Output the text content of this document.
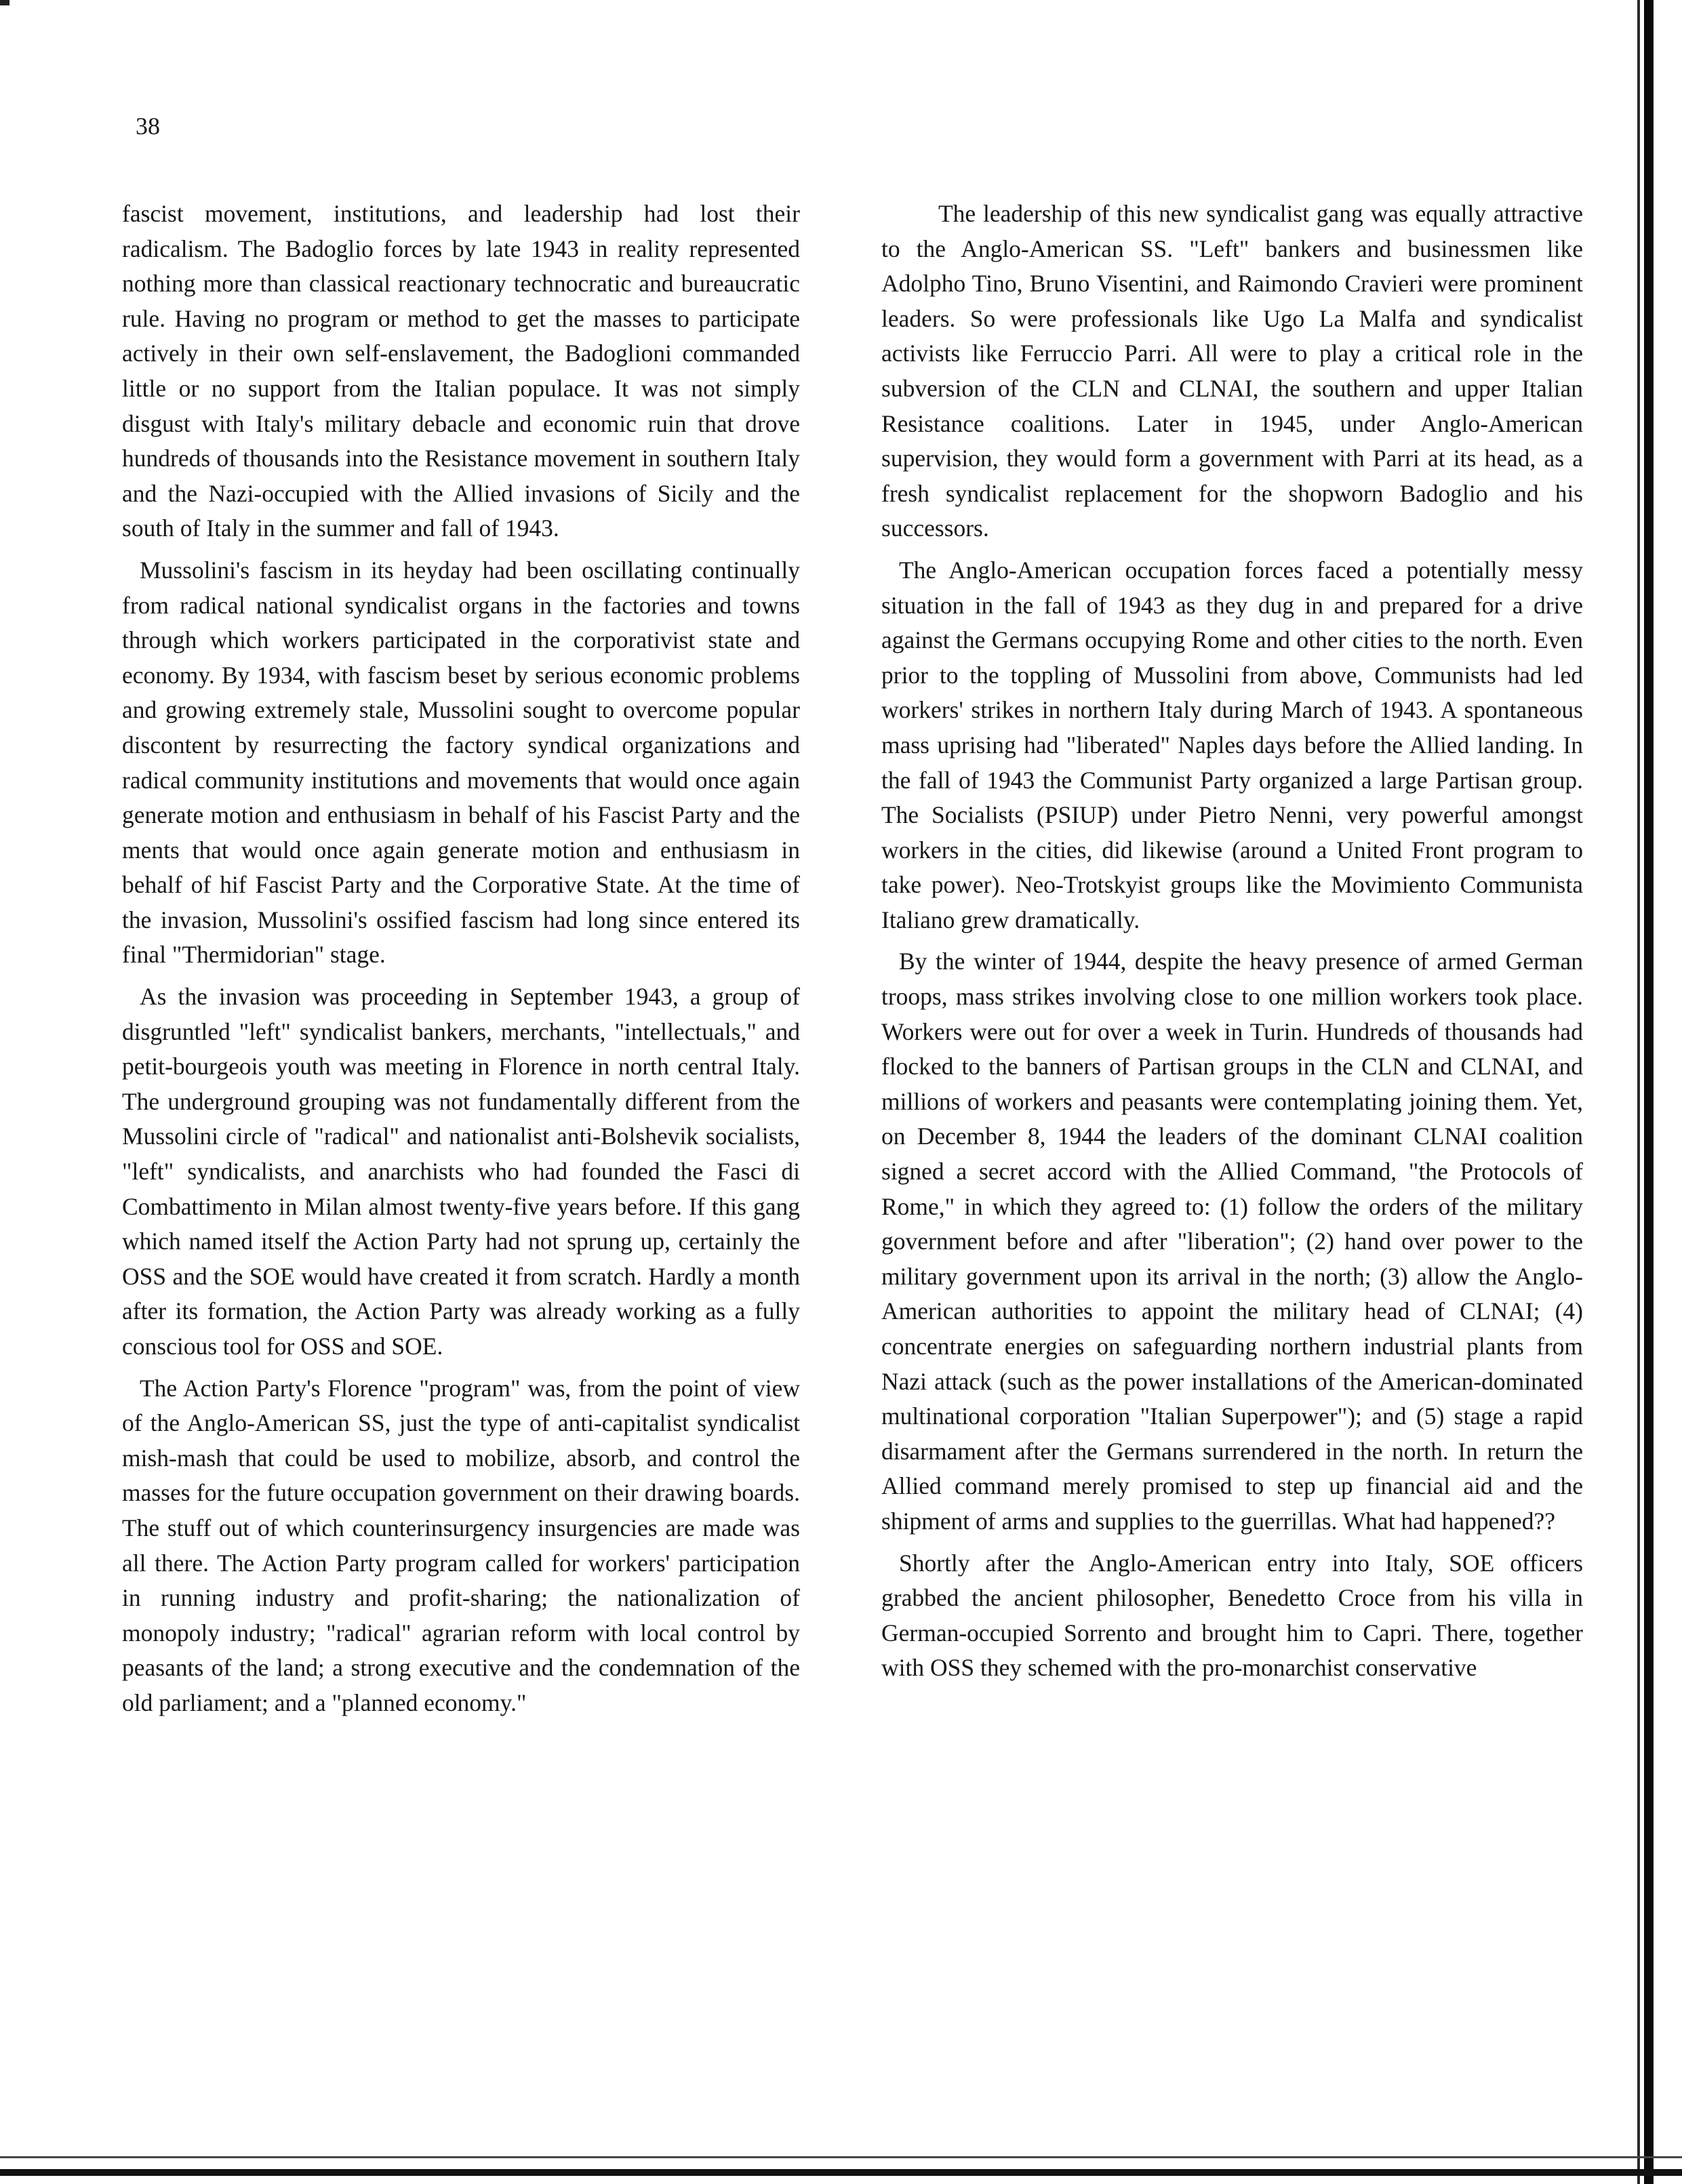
38

fascist movement, institutions, and leadership had lost their radicalism. The Badoglio forces by late 1943 in reality represented nothing more than classical reactionary technocratic and bureaucratic rule. Having no program or method to get the masses to participate actively in their own self-enslavement, the Badoglioni commanded little or no support from the Italian populace. It was not simply disgust with Italy's military debacle and economic ruin that drove hundreds of thousands into the Resistance movement in southern Italy and the Nazi-occupied with the Allied invasions of Sicily and the south of Italy in the summer and fall of 1943.

Mussolini's fascism in its heyday had been oscillating continually from radical national syndicalist organs in the factories and towns through which workers participated in the corporativist state and economy. By 1934, with fascism beset by serious economic problems and growing extremely stale, Mussolini sought to overcome popular discontent by resurrecting the factory syndical organizations and radical community institutions and movements that would once again generate motion and enthusiasm in behalf of his Fascist Party and the ments that would once again generate motion and enthusiasm in behalf of hif Fascist Party and the Corporative State. At the time of the invasion, Mussolini's ossified fascism had long since entered its final "Thermidorian" stage.

As the invasion was proceeding in September 1943, a group of disgruntled "left" syndicalist bankers, merchants, "intellectuals," and petit-bourgeois youth was meeting in Florence in north central Italy. The underground grouping was not fundamentally different from the Mussolini circle of "radical" and nationalist anti-Bolshevik socialists, "left" syndicalists, and anarchists who had founded the Fasci di Combattimento in Milan almost twenty-five years before. If this gang which named itself the Action Party had not sprung up, certainly the OSS and the SOE would have created it from scratch. Hardly a month after its formation, the Action Party was already working as a fully conscious tool for OSS and SOE.

The Action Party's Florence "program" was, from the point of view of the Anglo-American SS, just the type of anti-capitalist syndicalist mish-mash that could be used to mobilize, absorb, and control the masses for the future occupation government on their drawing boards. The stuff out of which counterinsurgency insurgencies are made was all there. The Action Party program called for workers' participation in running industry and profit-sharing; the nationalization of monopoly industry; "radical" agrarian reform with local control by peasants of the land; a strong executive and the condemnation of the old parliament; and a "planned economy."

The leadership of this new syndicalist gang was equally attractive to the Anglo-American SS. "Left" bankers and businessmen like Adolpho Tino, Bruno Visentini, and Raimondo Cravieri were prominent leaders. So were professionals like Ugo La Malfa and syndicalist activists like Ferruccio Parri. All were to play a critical role in the subversion of the CLN and CLNAI, the southern and upper Italian Resistance coalitions. Later in 1945, under Anglo-American supervision, they would form a government with Parri at its head, as a fresh syndicalist replacement for the shopworn Badoglio and his successors.

The Anglo-American occupation forces faced a potentially messy situation in the fall of 1943 as they dug in and prepared for a drive against the Germans occupying Rome and other cities to the north. Even prior to the toppling of Mussolini from above, Communists had led workers' strikes in northern Italy during March of 1943. A spontaneous mass uprising had "liberated" Naples days before the Allied landing. In the fall of 1943 the Communist Party organized a large Partisan group. The Socialists (PSIUP) under Pietro Nenni, very powerful amongst workers in the cities, did likewise (around a United Front program to take power). Neo-Trotskyist groups like the Movimiento Communista Italiano grew dramatically.

By the winter of 1944, despite the heavy presence of armed German troops, mass strikes involving close to one million workers took place. Workers were out for over a week in Turin. Hundreds of thousands had flocked to the banners of Partisan groups in the CLN and CLNAI, and millions of workers and peasants were contemplating joining them. Yet, on December 8, 1944 the leaders of the dominant CLNAI coalition signed a secret accord with the Allied Command, "the Protocols of Rome," in which they agreed to: (1) follow the orders of the military government before and after "liberation"; (2) hand over power to the military government upon its arrival in the north; (3) allow the Anglo-American authorities to appoint the military head of CLNAI; (4) concentrate energies on safeguarding northern industrial plants from Nazi attack (such as the power installations of the American-dominated multinational corporation "Italian Superpower"); and (5) stage a rapid disarmament after the Germans surrendered in the north. In return the Allied command merely promised to step up financial aid and the shipment of arms and supplies to the guerrillas. What had happened??

Shortly after the Anglo-American entry into Italy, SOE officers grabbed the ancient philosopher, Benedetto Croce from his villa in German-occupied Sorrento and brought him to Capri. There, together with OSS they schemed with the pro-monarchist conservative
